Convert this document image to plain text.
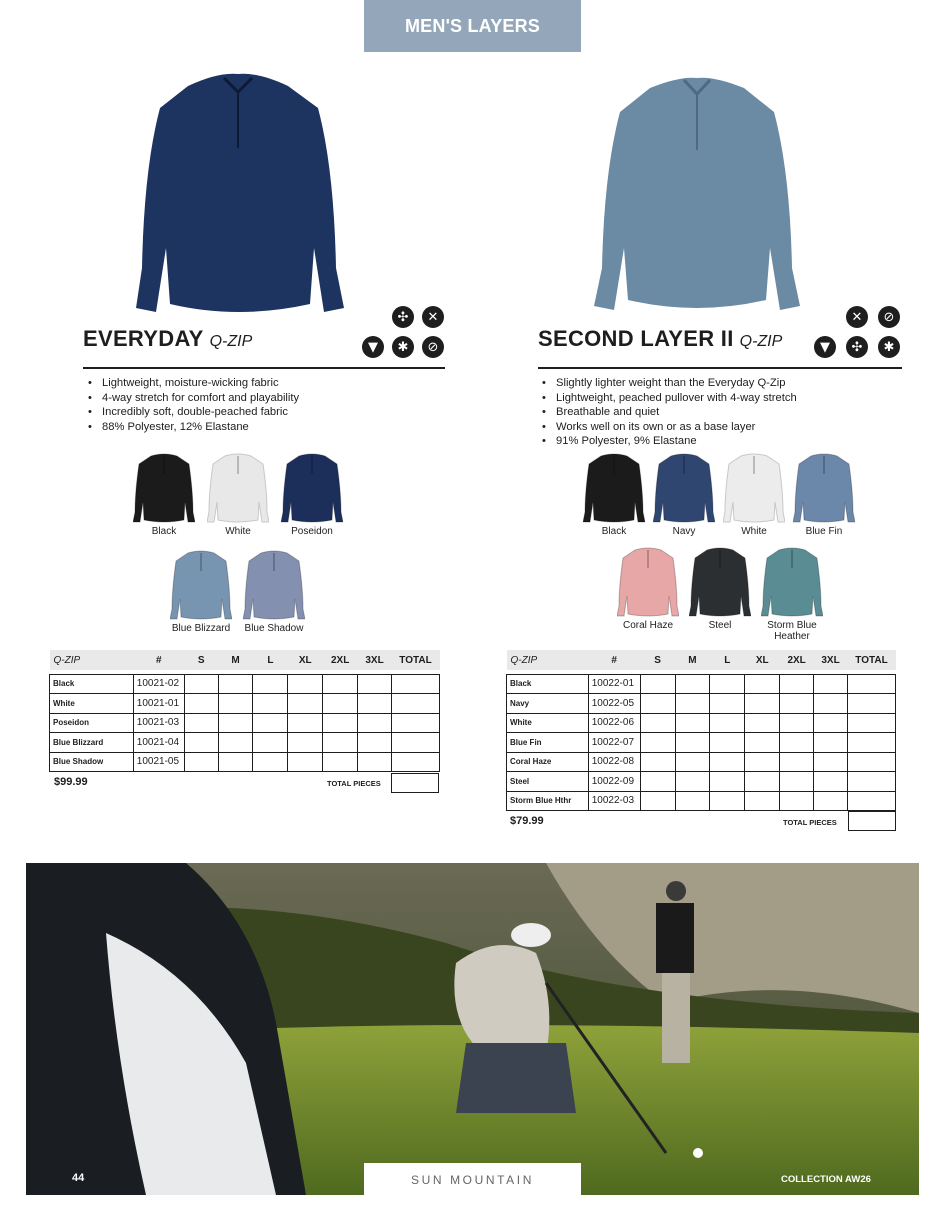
MEN'S LAYERS
✣	✕
▼	✱	⊘
EVERYDAY Q-ZIP
• Lightweight, moisture-wicking fabric
• 4-way stretch for comfort and playability
• Incredibly soft, double-peached fabric
• 88% Polyester, 12% Elastane
Black	White	Poseidon
Blue Blizzard	Blue Shadow
Q-ZIP	#	S	M	L	XL	2XL	3XL	TOTAL

Black	10021-02							
White	10021-01							
Poseidon	10021-03							
Blue Blizzard	10021-04							
Blue Shadow	10021-05							
$99.99	TOTAL PIECES
✕	⊘
▼	✣	✱
SECOND LAYER II Q-ZIP
• Slightly lighter weight than the Everyday Q-Zip
• Lightweight, peached pullover with 4-way stretch
• Breathable and quiet
• Works well on its own or as a base layer
• 91% Polyester, 9% Elastane
Black	Navy	White	Blue Fin
Coral Haze	Steel	Storm Blue Heather
Q-ZIP	#	S	M	L	XL	2XL	3XL	TOTAL

Black	10022-01							
Navy	10022-05							
White	10022-06							
Blue Fin	10022-07							
Coral Haze	10022-08							
Steel	10022-09							
Storm Blue Hthr	10022-03							
$79.99	TOTAL PIECES
44	SUN MOUNTAIN	COLLECTION AW26
